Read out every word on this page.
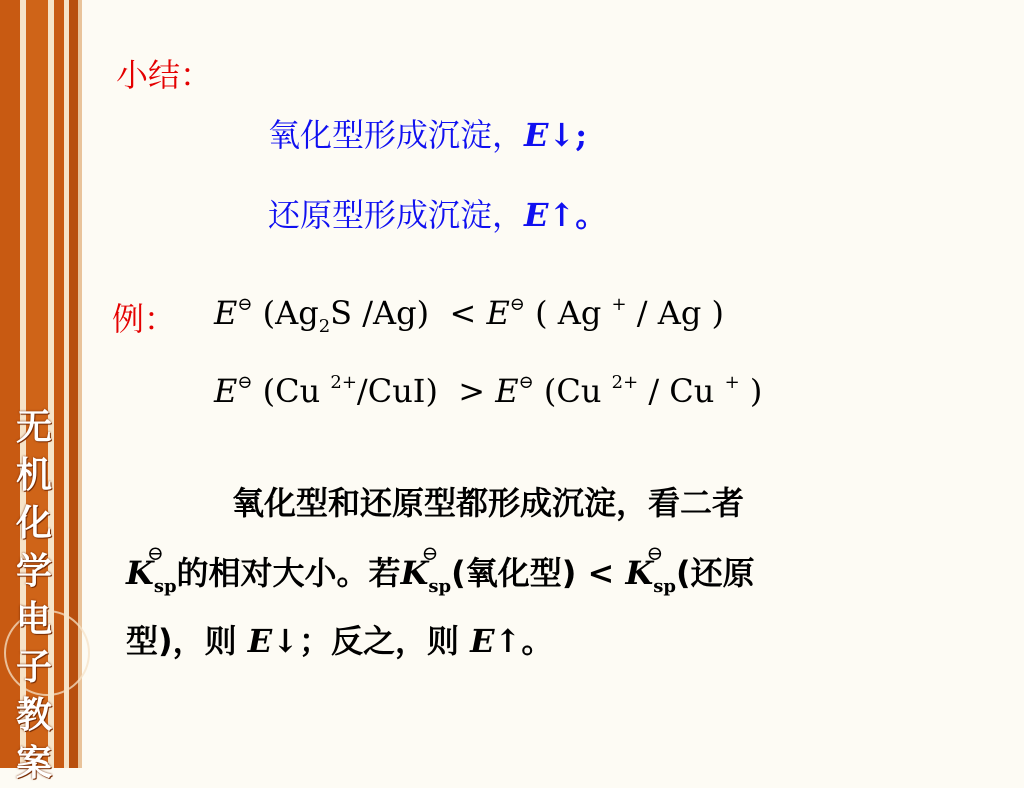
无
机
化
学
电
子
教
案
小结：
氧化型形成沉淀，E↓;
还原型形成沉淀，E↑。
例： E⊖ (Ag2S /Ag) < E⊖ ( Ag + / Ag )
E⊖ (Cu 2+/CuI) > E⊖ (Cu 2+ / Cu + )
氧化型和还原型都形成沉淀，看二者
K
⊖
sp的相对大小。若K
⊖
sp(氧化型) < K
⊖
sp(还原
型)，则 E↓；反之，则 E↑。
